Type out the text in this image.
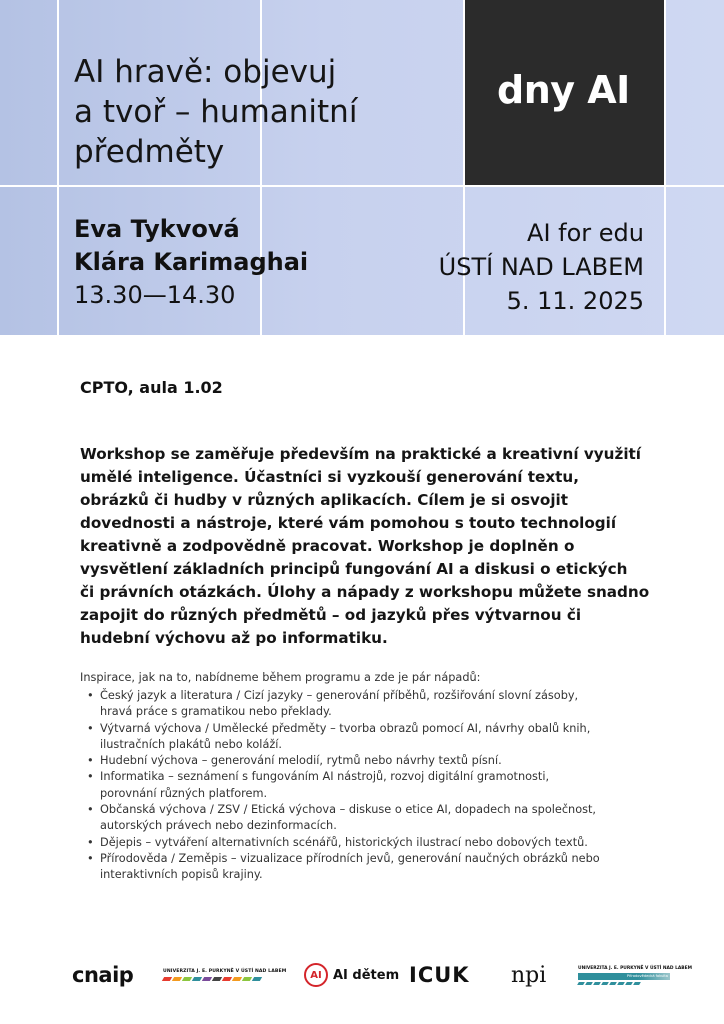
dny AI
AI hravě: objevuj
a tvoř – humanitní
předměty
Eva Tykvová
Klára Karimaghai
13.30—14.30
AI for edu
ÚSTÍ NAD LABEM
5. 11. 2025
CPTO, aula 1.02
Workshop se zaměřuje především na praktické a kreativní využití
umělé inteligence. Účastníci si vyzkouší generování textu,
obrázků či hudby v různých aplikacích. Cílem je si osvojit
dovednosti a nástroje, které vám pomohou s touto technologií
kreativně a zodpovědně pracovat. Workshop je doplněn o
vysvětlení základních principů fungování AI a diskusi o etických
či právních otázkách. Úlohy a nápady z workshopu můžete snadno
zapojit do různých předmětů – od jazyků přes výtvarnou či
hudební výchovu až po informatiku.
Inspirace, jak na to, nabídneme během programu a zde je pár nápadů:
• Český jazyk a literatura / Cizí jazyky – generování příběhů, rozšiřování slovní zásoby,
hravá práce s gramatikou nebo překlady.
• Výtvarná výchova / Umělecké předměty – tvorba obrazů pomocí AI, návrhy obalů knih,
ilustračních plakátů nebo koláží.
• Hudební výchova – generování melodií, rytmů nebo návrhy textů písní.
• Informatika – seznámení s fungováním AI nástrojů, rozvoj digitální gramotnosti,
porovnání různých platforem.
• Občanská výchova / ZSV / Etická výchova – diskuse o etice AI, dopadech na společnost,
autorských právech nebo dezinformacích.
• Dějepis – vytváření alternativních scénářů, historických ilustrací nebo dobových textů.
• Přírodověda / Zeměpis – vizualizace přírodních jevů, generování naučných obrázků nebo
interaktivních popisů krajiny.
cnaip	UNIVERZITA J. E. PURKYNĚ V ÚSTÍ NAD LABEM	AI AI dětem ICUK npi	UNIVERZITA J. E. PURKYNĚ V ÚSTÍ NAD LABEM
Přírodovědecká fakulta
